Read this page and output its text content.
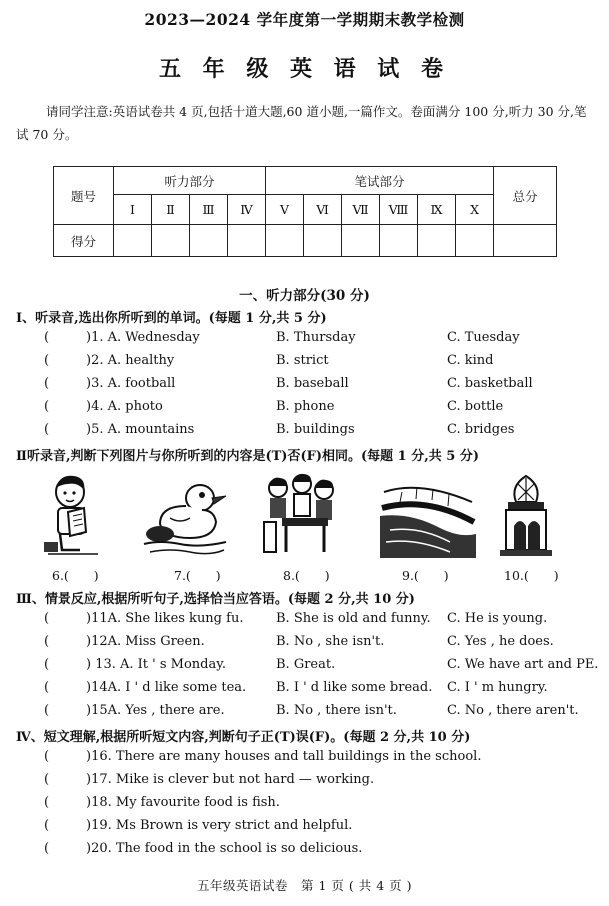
2023—2024 学年度第一学期期末教学检测
五 年 级 英 语 试 卷

请同学注意:英语试卷共 4 页,包括十道大题,60 道小题,一篇作文。卷面满分 100 分,听力 30 分,笔试 70 分。

题号	听力部分				笔试部分						总分
	Ⅰ	Ⅱ	Ⅲ	Ⅳ	Ⅴ	Ⅵ	Ⅶ	Ⅷ	Ⅸ	Ⅹ	
得分											
一、听力部分(30 分)
Ⅰ、听录音,选出你所听到的单词。(每题 1 分,共 5 分)
(	)1. A. Wednesday	B. Thursday	C. Tuesday
(	)2. A. healthy	B. strict	C. kind
(	)3. A. football	B. baseball	C. basketball
(	)4. A. photo	B. phone	C. bottle
(	)5. A. mountains	B. buildings	C. bridges
Ⅱ听录音,判断下列图片与你所听到的内容是(T)否(F)相同。(每题 1 分,共 5 分)
6.(　　)	7.(　　)	8.(　　)	9.(　　)	10.(　　)
Ⅲ、情景反应,根据所听句子,选择恰当应答语。(每题 2 分,共 10 分)
(	)11A. She likes kung fu.	B. She is old and funny. C. He is young.
(	)12A. Miss Green.	B. No , she isn't.	C. Yes , he does.
(	) 13. A. It ' s Monday.	B. Great.	C. We have art and PE.
(	)14A. I ' d like some tea. B. I ' d like some bread. C. I ' m hungry.
(	)15A. Yes , there are.	B. No , there isn't.	C. No , there aren't.
Ⅳ、短文理解,根据所听短文内容,判断句子正(T)误(F)。(每题 2 分,共 10 分)
(	)16. There are many houses and tall buildings in the school.
(	)17. Mike is clever but not hard — working.
(	)18. My favourite food is fish.
(	)19. Ms Brown is very strict and helpful.
(	)20. The food in the school is so delicious.
五年级英语试卷　第 1 页 ( 共 4 页 )
